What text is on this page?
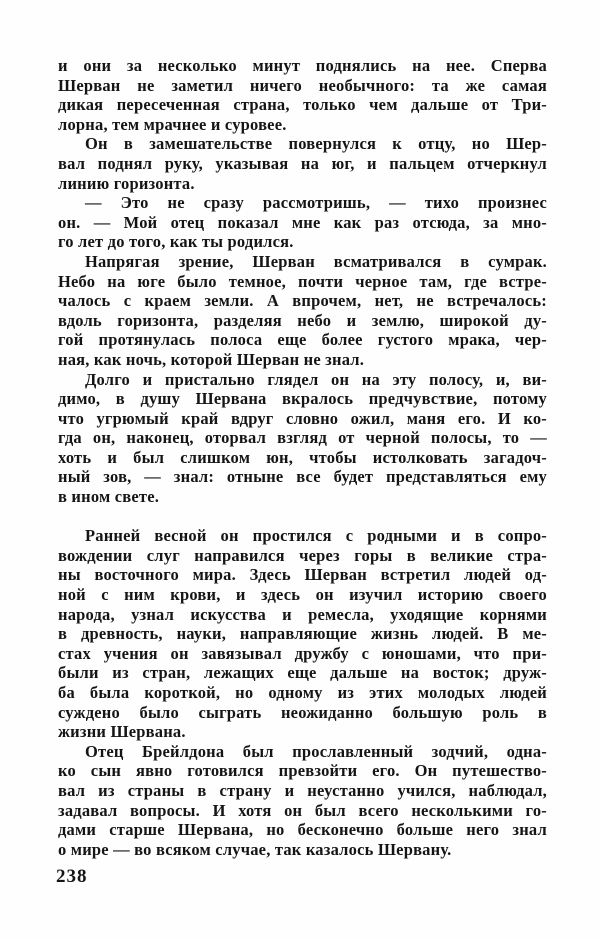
и они за несколько минут поднялись на нее. Сперва
Шерван не заметил ничего необычного: та же самая
дикая пересеченная страна, только чем дальше от Три-
лорна, тем мрачнее и суровее.
Он в замешательстве повернулся к отцу, но Шер-
вал поднял руку, указывая на юг, и пальцем отчеркнул
линию горизонта.
— Это не сразу рассмотришь, — тихо произнес
он. — Мой отец показал мне как раз отсюда, за мно-
го лет до того, как ты родился.
Напрягая зрение, Шерван всматривался в сумрак.
Небо на юге было темное, почти черное там, где встре-
чалось с краем земли. А впрочем, нет, не встречалось:
вдоль горизонта, разделяя небо и землю, широкой ду-
гой протянулась полоса еще более густого мрака, чер-
ная, как ночь, которой Шерван не знал.
Долго и пристально глядел он на эту полосу, и, ви-
димо, в душу Шервана вкралось предчувствие, потому
что угрюмый край вдруг словно ожил, маня его. И ко-
гда он, наконец, оторвал взгляд от черной полосы, то —
хоть и был слишком юн, чтобы истолковать загадоч-
ный зов, — знал: отныне все будет представляться ему
в ином свете.
Ранней весной он простился с родными и в сопро-
вождении слуг направился через горы в великие стра-
ны восточного мира. Здесь Шерван встретил людей од-
ной с ним крови, и здесь он изучил историю своего
народа, узнал искусства и ремесла, уходящие корнями
в древность, науки, направляющие жизнь людей. В ме-
стах учения он завязывал дружбу с юношами, что при-
были из стран, лежащих еще дальше на восток; друж-
ба была короткой, но одному из этих молодых людей
суждено было сыграть неожиданно большую роль в
жизни Шервана.
Отец Брейлдона был прославленный зодчий, одна-
ко сын явно готовился превзойти его. Он путешество-
вал из страны в страну и неустанно учился, наблюдал,
задавал вопросы. И хотя он был всего несколькими го-
дами старше Шервана, но бесконечно больше него знал
о мире — во всяком случае, так казалось Шервану.
238
